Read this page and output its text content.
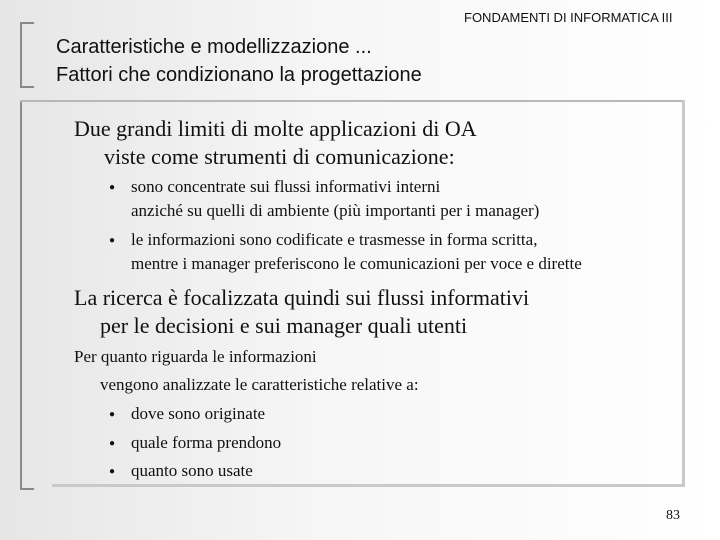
FONDAMENTI DI INFORMATICA III
Caratteristiche e modellizzazione ...
Fattori che condizionano la progettazione
Due grandi limiti di molte applicazioni di OA
viste come strumenti di comunicazione:
● sono concentrate sui flussi informativi interni
anziché su quelli di ambiente (più importanti per i manager)
● le informazioni sono codificate e trasmesse in forma scritta,
mentre i manager preferiscono le comunicazioni per voce e dirette
La ricerca è focalizzata quindi sui flussi informativi
per le decisioni e sui manager quali utenti
Per quanto riguarda le informazioni
vengono analizzate le caratteristiche relative a:
● dove sono originate
● quale forma prendono
● quanto sono usate
83
